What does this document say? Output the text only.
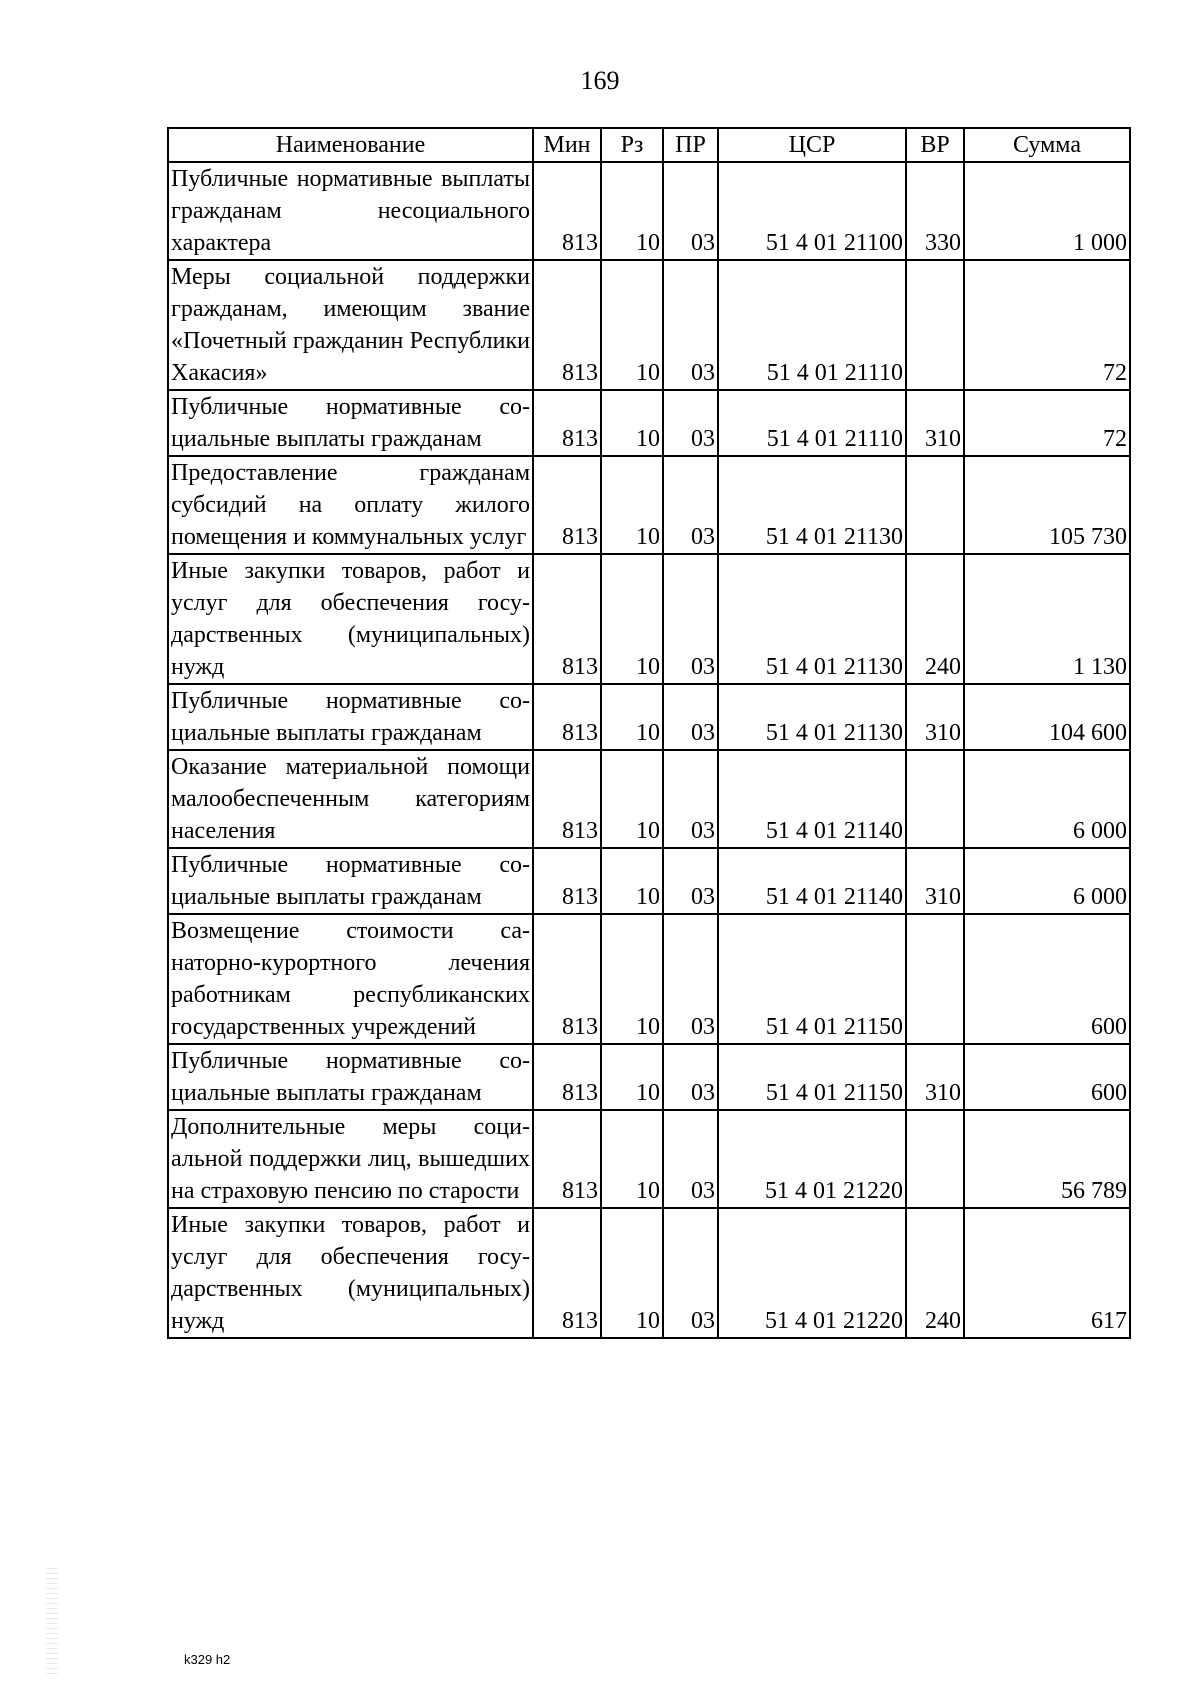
169
Наименование	Мин	Рз	ПР	ЦСР	ВР	Сумма
Публичные нормативные выплаты гражданам несоциального характера	813	10	03	51 4 01 21100	330	1 000
Меры социальной поддержки гражданам, имеющим звание «Почетный гражданин Республики Хакасия»	813	10	03	51 4 01 21110		72
Публичные нормативные социальные выплаты гражданам	813	10	03	51 4 01 21110	310	72
Предоставление гражданам субсидий на оплату жилого помещения и коммунальных услуг	813	10	03	51 4 01 21130		105 730
Иные закупки товаров, работ и услуг для обеспечения государственных (муниципальных) нужд	813	10	03	51 4 01 21130	240	1 130
Публичные нормативные социальные выплаты гражданам	813	10	03	51 4 01 21130	310	104 600
Оказание материальной помощи малообеспеченным категориям населения	813	10	03	51 4 01 21140		6 000
Публичные нормативные социальные выплаты гражданам	813	10	03	51 4 01 21140	310	6 000
Возмещение стоимости санаторно-курортного лечения работникам республиканских государственных учреждений	813	10	03	51 4 01 21150		600
Публичные нормативные социальные выплаты гражданам	813	10	03	51 4 01 21150	310	600
Дополнительные меры социальной поддержки лиц, вышедших на страховую пенсию по старости	813	10	03	51 4 01 21220		56 789
Иные закупки товаров, работ и услуг для обеспечения государственных (муниципальных) нужд	813	10	03	51 4 01 21220	240	617
k329 h2
